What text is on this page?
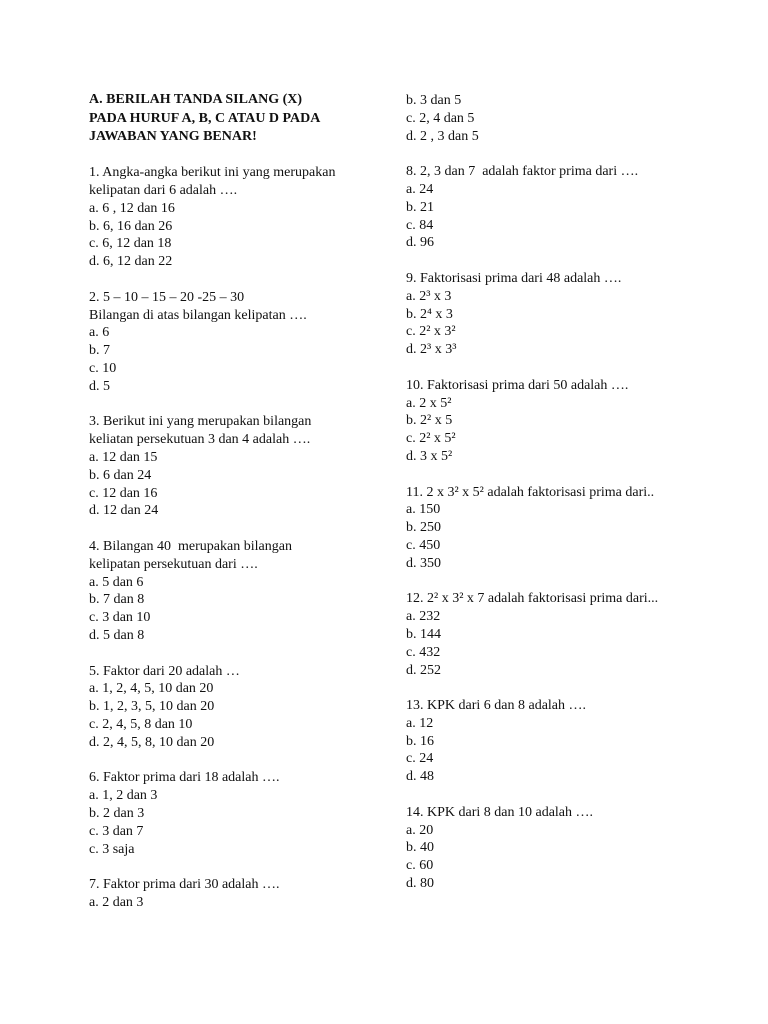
A. BERILAH TANDA SILANG (X)
PADA HURUF A, B, C ATAU D PADA
JAWABAN YANG BENAR!
1. Angka-angka berikut ini yang merupakan
kelipatan dari 6 adalah ….
a. 6 , 12 dan 16
b. 6, 16 dan 26
c. 6, 12 dan 18
d. 6, 12 dan 22
2. 5 – 10 – 15 – 20 -25 – 30
Bilangan di atas bilangan kelipatan ….
a. 6
b. 7
c. 10
d. 5
3. Berikut ini yang merupakan bilangan
keliatan persekutuan 3 dan 4 adalah ….
a. 12 dan 15
b. 6 dan 24
c. 12 dan 16
d. 12 dan 24
4. Bilangan 40  merupakan bilangan
kelipatan persekutuan dari ….
a. 5 dan 6
b. 7 dan 8
c. 3 dan 10
d. 5 dan 8
5. Faktor dari 20 adalah …
a. 1, 2, 4, 5, 10 dan 20
b. 1, 2, 3, 5, 10 dan 20
c. 2, 4, 5, 8 dan 10
d. 2, 4, 5, 8, 10 dan 20
6. Faktor prima dari 18 adalah ….
a. 1, 2 dan 3
b. 2 dan 3
c. 3 dan 7
c. 3 saja
7. Faktor prima dari 30 adalah ….
a. 2 dan 3
b. 3 dan 5
c. 2, 4 dan 5
d. 2 , 3 dan 5
8. 2, 3 dan 7  adalah faktor prima dari ….
a. 24
b. 21
c. 84
d. 96
9. Faktorisasi prima dari 48 adalah ….
a. 2³ x 3
b. 2⁴ x 3
c. 2² x 3²
d. 2³ x 3³
10. Faktorisasi prima dari 50 adalah ….
a. 2 x 5²
b. 2² x 5
c. 2² x 5²
d. 3 x 5²
11. 2 x 3² x 5² adalah faktorisasi prima dari..
a. 150
b. 250
c. 450
d. 350
12. 2² x 3² x 7 adalah faktorisasi prima dari...
a. 232
b. 144
c. 432
d. 252
13. KPK dari 6 dan 8 adalah ….
a. 12
b. 16
c. 24
d. 48
14. KPK dari 8 dan 10 adalah ….
a. 20
b. 40
c. 60
d. 80
